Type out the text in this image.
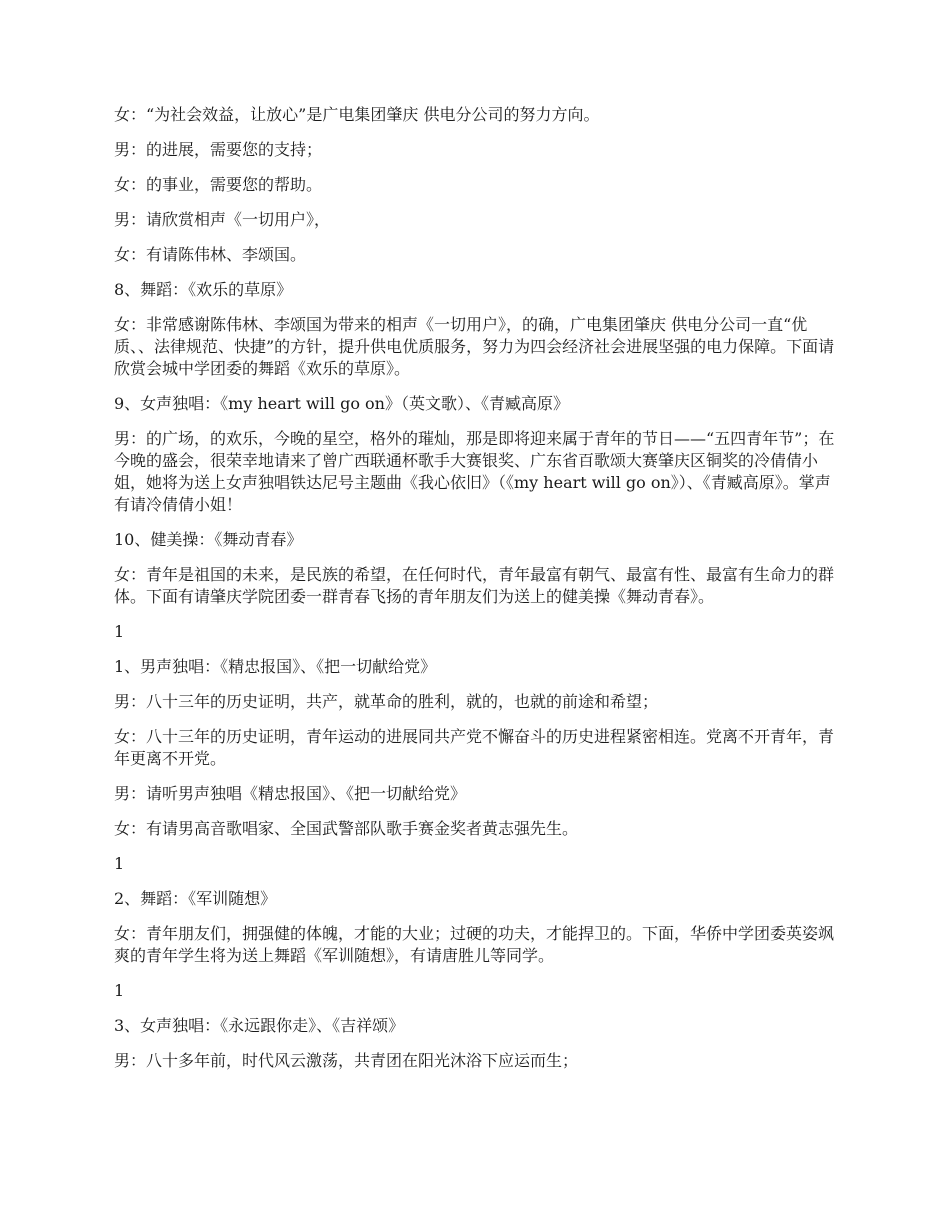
女：“为社会效益，让放心”是广电集团肇庆 供电分公司的努力方向。

男：的进展，需要您的支持；

女：的事业，需要您的帮助。

男：请欣赏相声《一切用户》，

女：有请陈伟林、李颂国。

8、舞蹈：《欢乐的草原》

女：非常感谢陈伟林、李颂国为带来的相声《一切用户》，的确，广电集团肇庆 供电分公司一直“优质、、法律规范、快捷”的方针，提升供电优质服务，努力为四会经济社会进展坚强的电力保障。下面请欣赏会城中学团委的舞蹈《欢乐的草原》。

9、女声独唱：《my heart will go on》（英文歌）、《青臧高原》

男：的广场，的欢乐，今晚的星空，格外的璀灿，那是即将迎来属于青年的节日——“五四青年节”；在今晚的盛会，很荣幸地请来了曾广西联通杯歌手大赛银奖、广东省百歌颂大赛肇庆区铜奖的冷倩倩小姐，她将为送上女声独唱铁达尼号主题曲《我心依旧》（《my heart will go on》）、《青臧高原》。掌声有请冷倩倩小姐！

10、健美操：《舞动青春》

女：青年是祖国的未来，是民族的希望，在任何时代，青年最富有朝气、最富有性、最富有生命力的群体。下面有请肇庆学院团委一群青春飞扬的青年朋友们为送上的健美操《舞动青春》。

1

1、男声独唱：《精忠报国》、《把一切献给党》

男：八十三年的历史证明，共产，就革命的胜利，就的，也就的前途和希望；

女：八十三年的历史证明，青年运动的进展同共产党不懈奋斗的历史进程紧密相连。党离不开青年，青年更离不开党。

男：请听男声独唱《精忠报国》、《把一切献给党》

女：有请男高音歌唱家、全国武警部队歌手赛金奖者黄志强先生。

1

2、舞蹈：《军训随想》

女：青年朋友们，拥强健的体魄，才能的大业；过硬的功夫，才能捍卫的。下面，华侨中学团委英姿飒爽的青年学生将为送上舞蹈《军训随想》，有请唐胜儿等同学。

1

3、女声独唱：《永远跟你走》、《吉祥颂》

男：八十多年前，时代风云激荡，共青团在阳光沐浴下应运而生；
